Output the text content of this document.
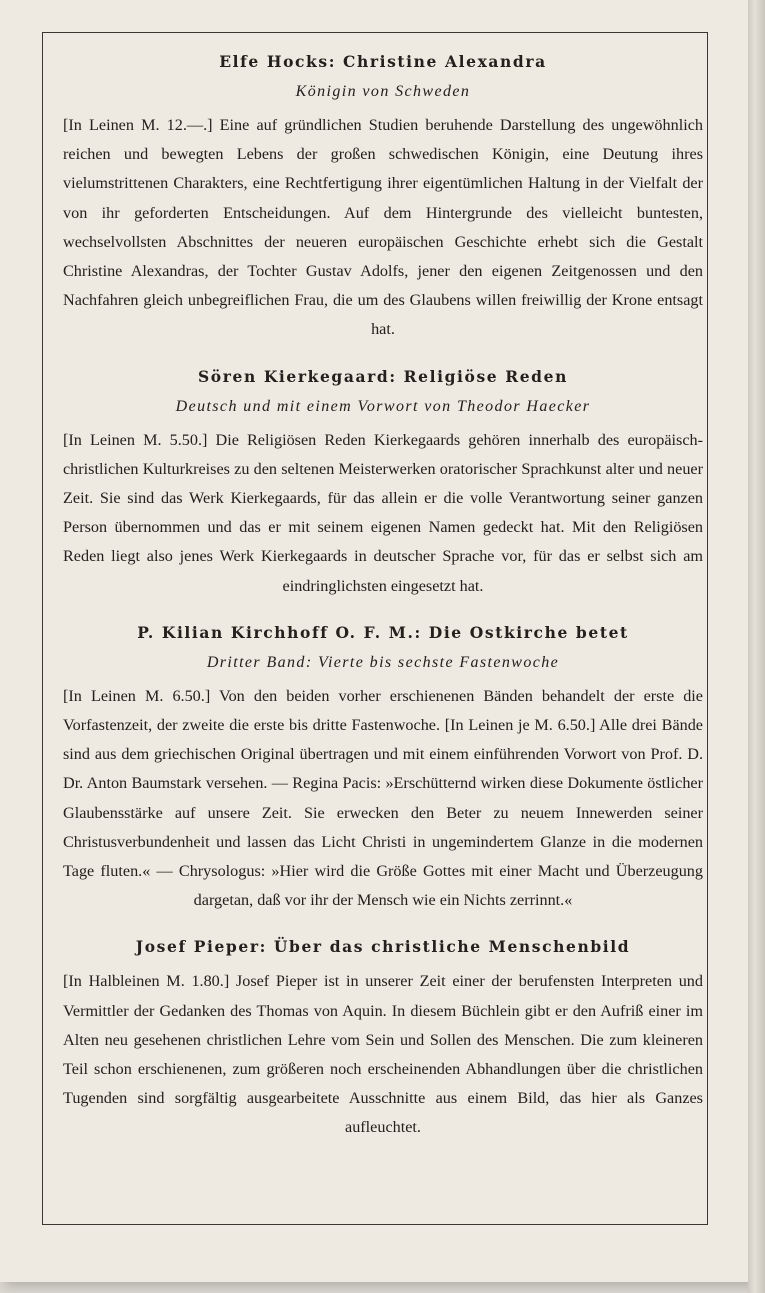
Elfe Hocks: Christine Alexandra
Königin von Schweden
[In Leinen M. 12.—.] Eine auf gründlichen Studien beruhende Darstellung des ungewöhnlich reichen und bewegten Lebens der großen schwedischen Königin, eine Deutung ihres vielumstrittenen Charakters, eine Rechtfertigung ihrer eigentümlichen Haltung in der Vielfalt der von ihr geforderten Entscheidungen. Auf dem Hintergrunde des vielleicht buntesten, wechselvollsten Abschnittes der neueren europäischen Geschichte erhebt sich die Gestalt Christine Alexandras, der Tochter Gustav Adolfs, jener den eigenen Zeitgenossen und den Nachfahren gleich unbegreiflichen Frau, die um des Glaubens willen freiwillig der Krone entsagt hat.
Sören Kierkegaard: Religiöse Reden
Deutsch und mit einem Vorwort von Theodor Haecker
[In Leinen M. 5.50.] Die Religiösen Reden Kierkegaards gehören innerhalb des europäisch-christlichen Kulturkreises zu den seltenen Meisterwerken oratorischer Sprachkunst alter und neuer Zeit. Sie sind das Werk Kierkegaards, für das allein er die volle Verantwortung seiner ganzen Person übernommen und das er mit seinem eigenen Namen gedeckt hat. Mit den Religiösen Reden liegt also jenes Werk Kierkegaards in deutscher Sprache vor, für das er selbst sich am eindringlichsten eingesetzt hat.
P. Kilian Kirchhoff O. F. M.: Die Ostkirche betet
Dritter Band: Vierte bis sechste Fastenwoche
[In Leinen M. 6.50.] Von den beiden vorher erschienenen Bänden behandelt der erste die Vorfastenzeit, der zweite die erste bis dritte Fastenwoche. [In Leinen je M. 6.50.] Alle drei Bände sind aus dem griechischen Original übertragen und mit einem einführenden Vorwort von Prof. D. Dr. Anton Baumstark versehen. — Regina Pacis: »Erschütternd wirken diese Dokumente östlicher Glaubensstärke auf unsere Zeit. Sie erwecken den Beter zu neuem Innewerden seiner Christusverbundenheit und lassen das Licht Christi in ungemindertem Glanze in die modernen Tage fluten.« — Chrysologus: »Hier wird die Größe Gottes mit einer Macht und Überzeugung dargetan, daß vor ihr der Mensch wie ein Nichts zerrinnt.«
Josef Pieper: Über das christliche Menschenbild
[In Halbleinen M. 1.80.] Josef Pieper ist in unserer Zeit einer der berufensten Interpreten und Vermittler der Gedanken des Thomas von Aquin. In diesem Büchlein gibt er den Aufriß einer im Alten neu gesehenen christlichen Lehre vom Sein und Sollen des Menschen. Die zum kleineren Teil schon erschienenen, zum größeren noch erscheinenden Abhandlungen über die christlichen Tugenden sind sorgfältig ausgearbeitete Ausschnitte aus einem Bild, das hier als Ganzes aufleuchtet.
